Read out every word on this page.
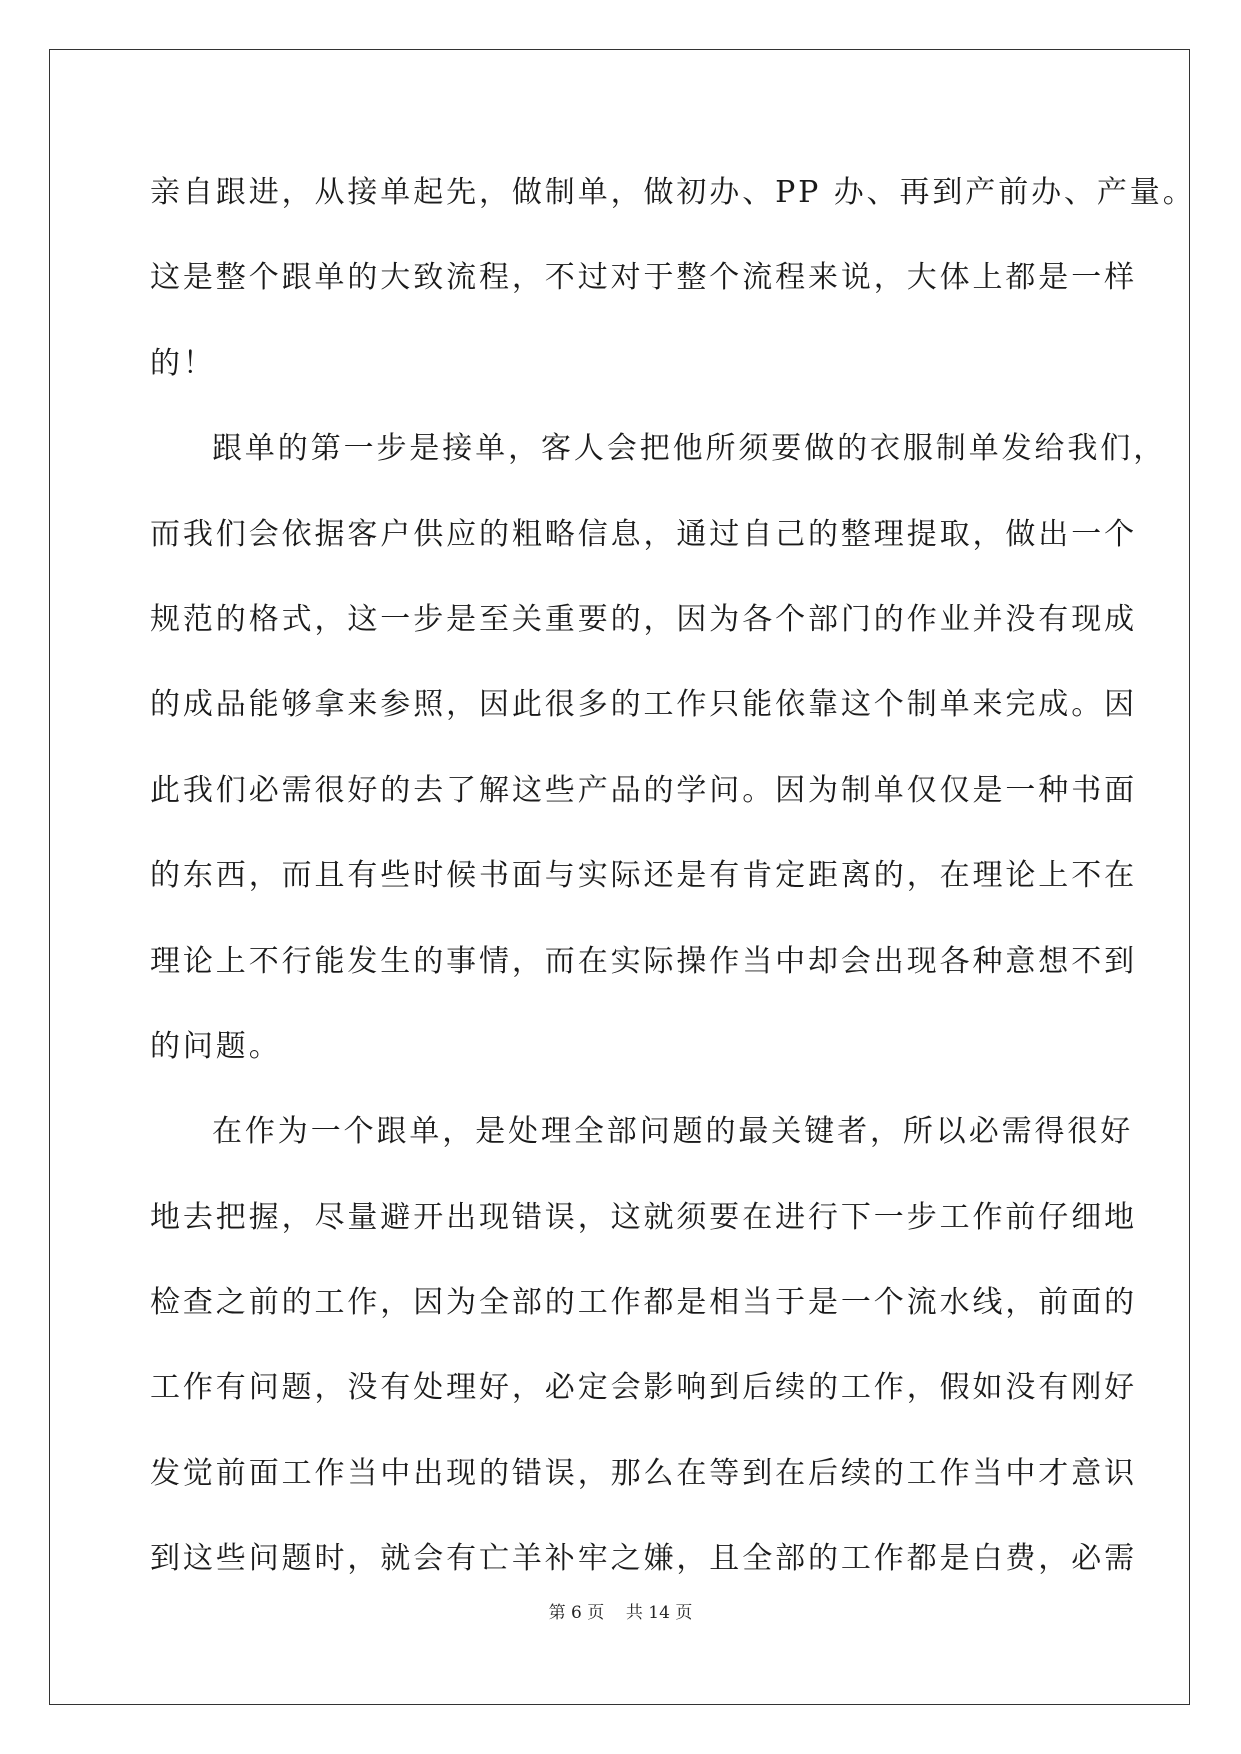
亲自跟进，从接单起先，做制单，做初办、PP 办、再到产前办、产量。
这是整个跟单的大致流程，不过对于整个流程来说，大体上都是一样
的！
跟单的第一步是接单，客人会把他所须要做的衣服制单发给我们，
而我们会依据客户供应的粗略信息，通过自己的整理提取，做出一个
规范的格式，这一步是至关重要的，因为各个部门的作业并没有现成
的成品能够拿来参照，因此很多的工作只能依靠这个制单来完成。因
此我们必需很好的去了解这些产品的学问。因为制单仅仅是一种书面
的东西，而且有些时候书面与实际还是有肯定距离的，在理论上不在
理论上不行能发生的事情，而在实际操作当中却会出现各种意想不到
的问题。
在作为一个跟单，是处理全部问题的最关键者，所以必需得很好
地去把握，尽量避开出现错误，这就须要在进行下一步工作前仔细地
检查之前的工作，因为全部的工作都是相当于是一个流水线，前面的
工作有问题，没有处理好，必定会影响到后续的工作，假如没有刚好
发觉前面工作当中出现的错误，那么在等到在后续的工作当中才意识
到这些问题时，就会有亡羊补牢之嫌，且全部的工作都是白费，必需
第 6 页    共 14 页
